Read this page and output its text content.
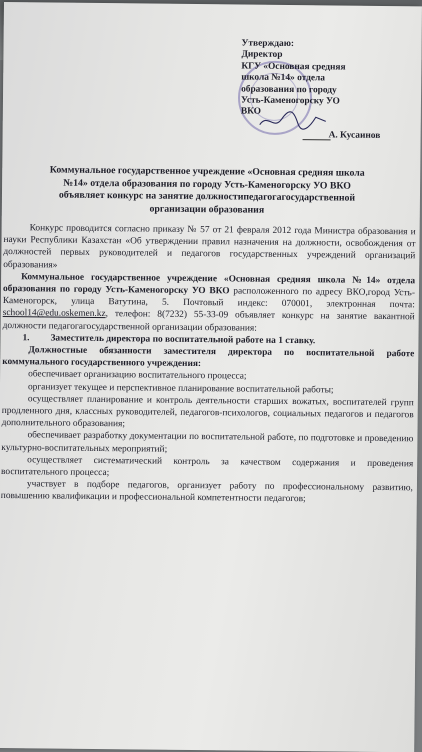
Утверждаю:
Директор
КГУ «Основная средняя
школа №14» отдела
образования по городу
Усть-Каменогорску УО
ВКО
А. Кусаинов
Коммунальное государственное учреждение «Основная средняя школа
№14» отдела образования по городу Усть-Каменогорску УО ВКО
объявляет конкурс на занятие должностипедагогагосударственной
организации образования

Конкурс проводится согласно приказу № 57 от 21 февраля 2012 года Министра образования и науки Республики Казахстан «Об утверждении правил назначения на должности, освобождения от должностей первых руководителей и педагогов государственных учреждений организаций образования»

Коммунальное государственное учреждение «Основная средняя школа №14» отдела образования по городу Усть-Каменогорску УО ВКО расположенного по адресу ВКО,город Усть-Каменогорск, улица Ватутина, 5. Почтовый индекс: 070001, электронная почта: school14@edu.oskemen.kz, телефон: 8(7232) 55-33-09 объявляет конкурс на занятие вакантной должности педагогагосударственной организации образования:

1. Заместитель директора по воспитательной работе на 1 ставку.

Должностные обязанности заместителя директора по воспитательной работе коммунального государственного учреждения:

обеспечивает организацию воспитательного процесса;

организует текущее и перспективное планирование воспитательной работы;

осуществляет планирование и контроль деятельности старших вожатых, воспитателей групп продленного дня, классных руководителей, педагогов-психологов, социальных педагогов и педагогов дополнительного образования;

обеспечивает разработку документации по воспитательной работе, по подготовке и проведению культурно-воспитательных мероприятий;

осуществляет систематический контроль за качеством содержания и проведения воспитательного процесса;

участвует в подборе педагогов, организует работу по профессиональному развитию, повышению квалификации и профессиональной компетентности педагогов;
